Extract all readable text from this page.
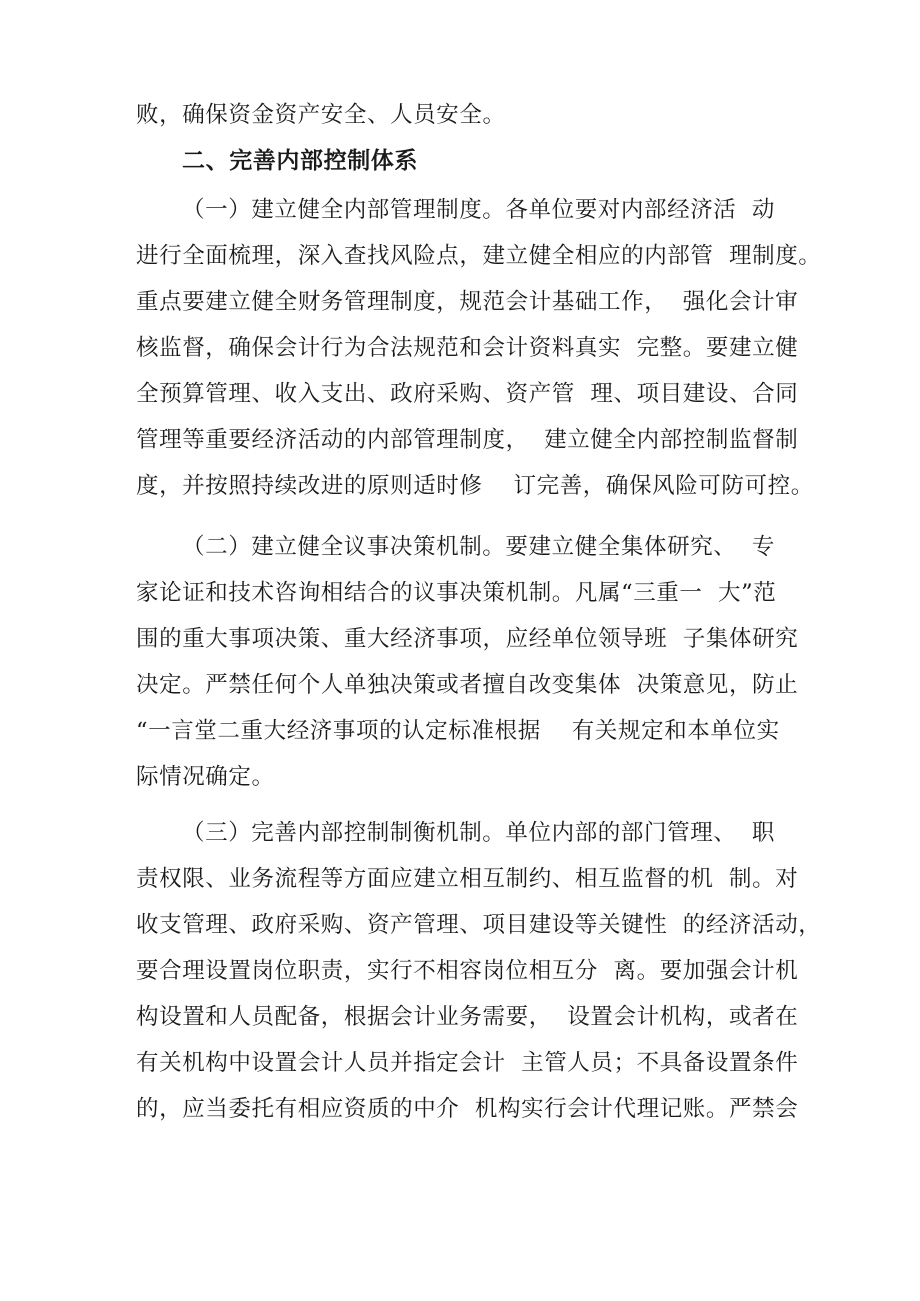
败，确保资金资产安全、人员安全。
二、完善内部控制体系
（一）建立健全内部管理制度。各单位要对内部经济活  动
进行全面梳理，深入查找风险点，建立健全相应的内部管  理制度。
重点要建立健全财务管理制度，规范会计基础工作，  强化会计审
核监督，确保会计行为合法规范和会计资料真实  完整。要建立健
全预算管理、收入支出、政府采购、资产管  理、项目建设、合同
管理等重要经济活动的内部管理制度，  建立健全内部控制监督制
度，并按照持续改进的原则适时修    订完善，确保风险可防可控。
（二）建立健全议事决策机制。要建立健全集体研究、  专
家论证和技术咨询相结合的议事决策机制。凡属“三重一  大”范
围的重大事项决策、重大经济事项，应经单位领导班  子集体研究
决定。严禁任何个人单独决策或者擅自改变集体  决策意见，防止
“一言堂二重大经济事项的认定标准根据    有关规定和本单位实
际情况确定。
（三）完善内部控制制衡机制。单位内部的部门管理、  职
责权限、业务流程等方面应建立相互制约、相互监督的机  制。对
收支管理、政府采购、资产管理、项目建设等关键性  的经济活动，
要合理设置岗位职责，实行不相容岗位相互分  离。要加强会计机
构设置和人员配备，根据会计业务需要，  设置会计机构，或者在
有关机构中设置会计人员并指定会计  主管人员；不具备设置条件
的，应当委托有相应资质的中介  机构实行会计代理记账。严禁会
